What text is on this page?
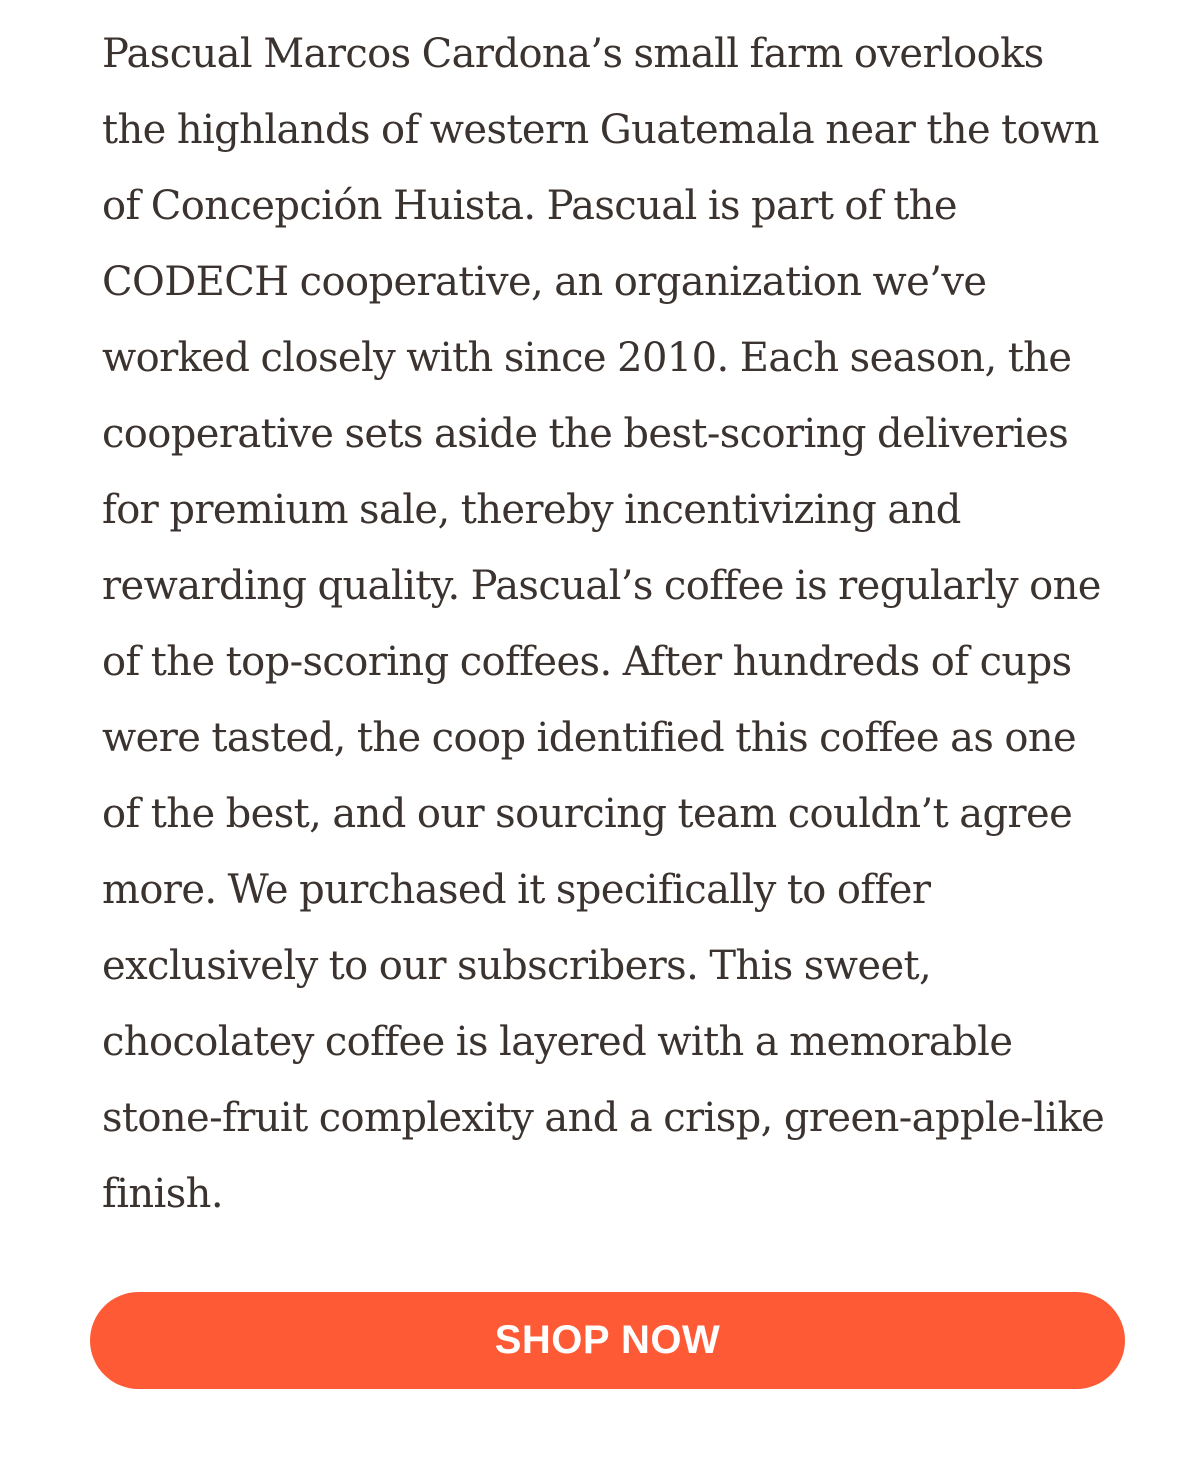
Pascual Marcos Cardona’s small farm overlooks the highlands of western Guatemala near the town of Concepción Huista. Pascual is part of the CODECH cooperative, an organization we’ve worked closely with since 2010. Each season, the cooperative sets aside the best-scoring deliveries for premium sale, thereby incentivizing and rewarding quality. Pascual’s coffee is regularly one of the top-scoring coffees. After hundreds of cups were tasted, the coop identified this coffee as one of the best, and our sourcing team couldn’t agree more. We purchased it specifically to offer exclusively to our subscribers. This sweet, chocolatey coffee is layered with a memorable stone-fruit complexity and a crisp, green-apple-like finish.

SHOP NOW
